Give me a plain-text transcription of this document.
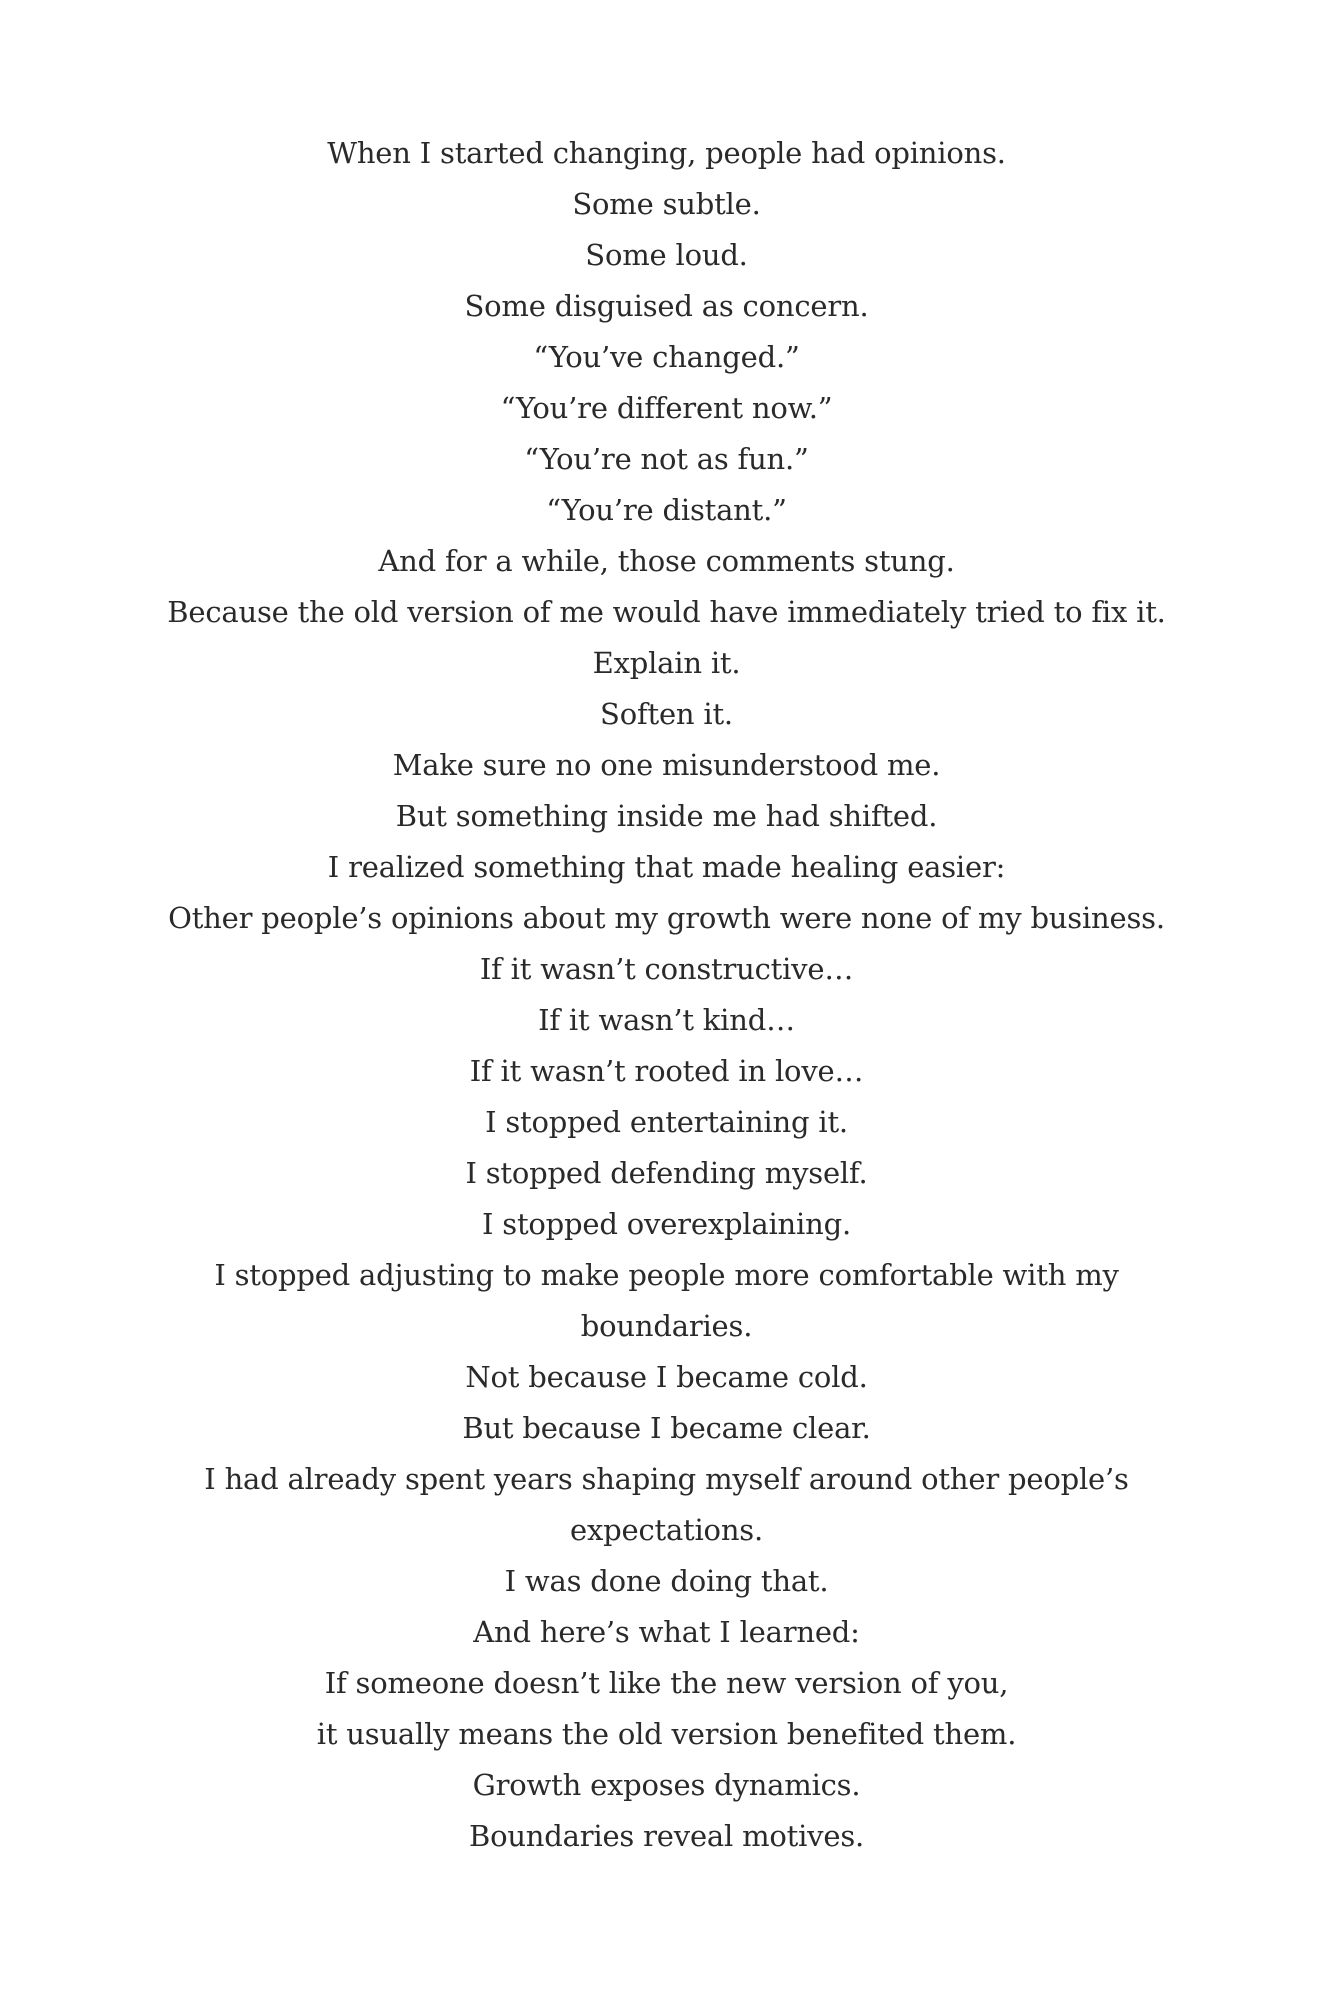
When I started changing, people had opinions.
Some subtle.
Some loud.
Some disguised as concern.
“You’ve changed.”
“You’re different now.”
“You’re not as fun.”
“You’re distant.”
And for a while, those comments stung.
Because the old version of me would have immediately tried to fix it.
Explain it.
Soften it.
Make sure no one misunderstood me.
But something inside me had shifted.
I realized something that made healing easier:
Other people’s opinions about my growth were none of my business.
If it wasn’t constructive…
If it wasn’t kind…
If it wasn’t rooted in love…
I stopped entertaining it.
I stopped defending myself.
I stopped overexplaining.
I stopped adjusting to make people more comfortable with my
boundaries.
Not because I became cold.
But because I became clear.
I had already spent years shaping myself around other people’s
expectations.
I was done doing that.
And here’s what I learned:
If someone doesn’t like the new version of you,
it usually means the old version benefited them.
Growth exposes dynamics.
Boundaries reveal motives.
